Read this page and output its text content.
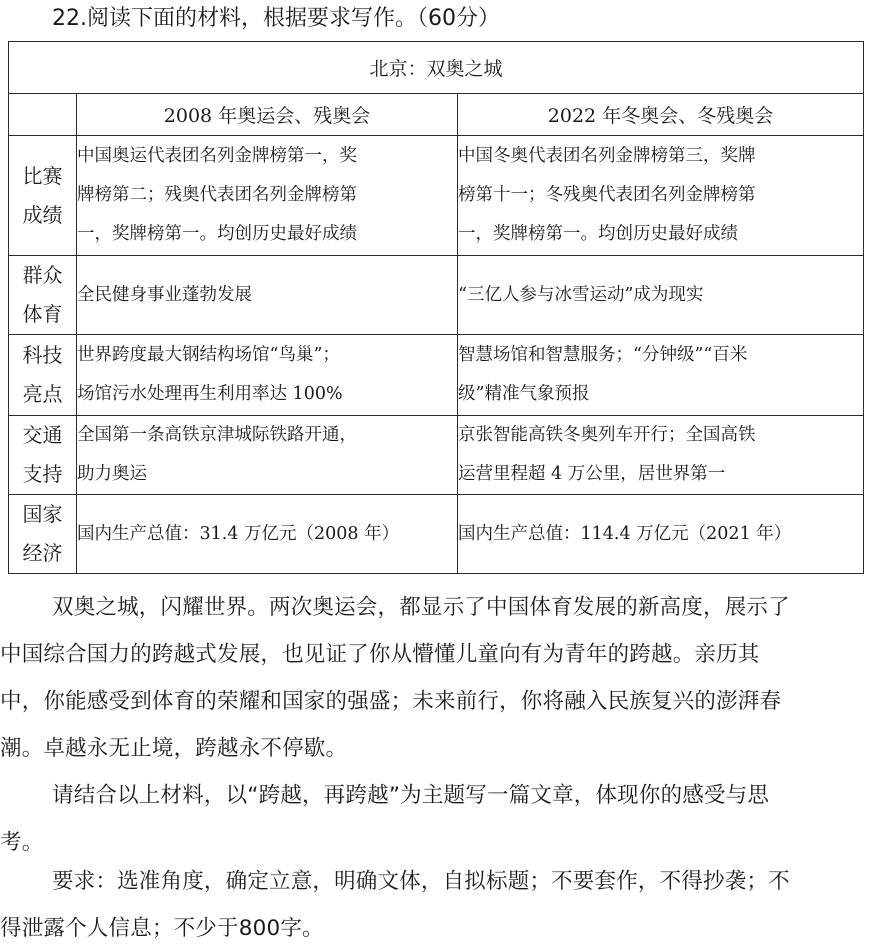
22.阅读下面的材料，根据要求写作。（60分）
北京：双奥之城		
	2008 年奥运会、残奥会	2022 年冬奥会、冬残奥会

比赛
成绩	中国奥运代表团名列金牌榜第一，奖
牌榜第二；残奥代表团名列金牌榜第
一，奖牌榜第一。均创历史最好成绩	中国冬奥代表团名列金牌榜第三，奖牌
榜第十一；冬残奥代表团名列金牌榜第
一，奖牌榜第一。均创历史最好成绩

群众
体育	全民健身事业蓬勃发展	“三亿人参与冰雪运动”成为现实

科技
亮点	世界跨度最大钢结构场馆“鸟巢”；
场馆污水处理再生利用率达 100%	智慧场馆和智慧服务；“分钟级”“百米
级”精准气象预报

交通
支持	全国第一条高铁京津城际铁路开通，
助力奥运	京张智能高铁冬奥列车开行；全国高铁
运营里程超 4 万公里，居世界第一

国家
经济	国内生产总值：31.4 万亿元（2008 年）	国内生产总值：114.4 万亿元（2021 年）
双奥之城，闪耀世界。两次奥运会，都显示了中国体育发展的新高度，展示了
中国综合国力的跨越式发展，也见证了你从懵懂儿童向有为青年的跨越。亲历其
中，你能感受到体育的荣耀和国家的强盛；未来前行，你将融入民族复兴的澎湃春
潮。卓越永无止境，跨越永不停歇。
请结合以上材料，以“跨越，再跨越”为主题写一篇文章，体现你的感受与思
考。
要求：选准角度，确定立意，明确文体，自拟标题；不要套作，不得抄袭；不
得泄露个人信息；不少于800字。
